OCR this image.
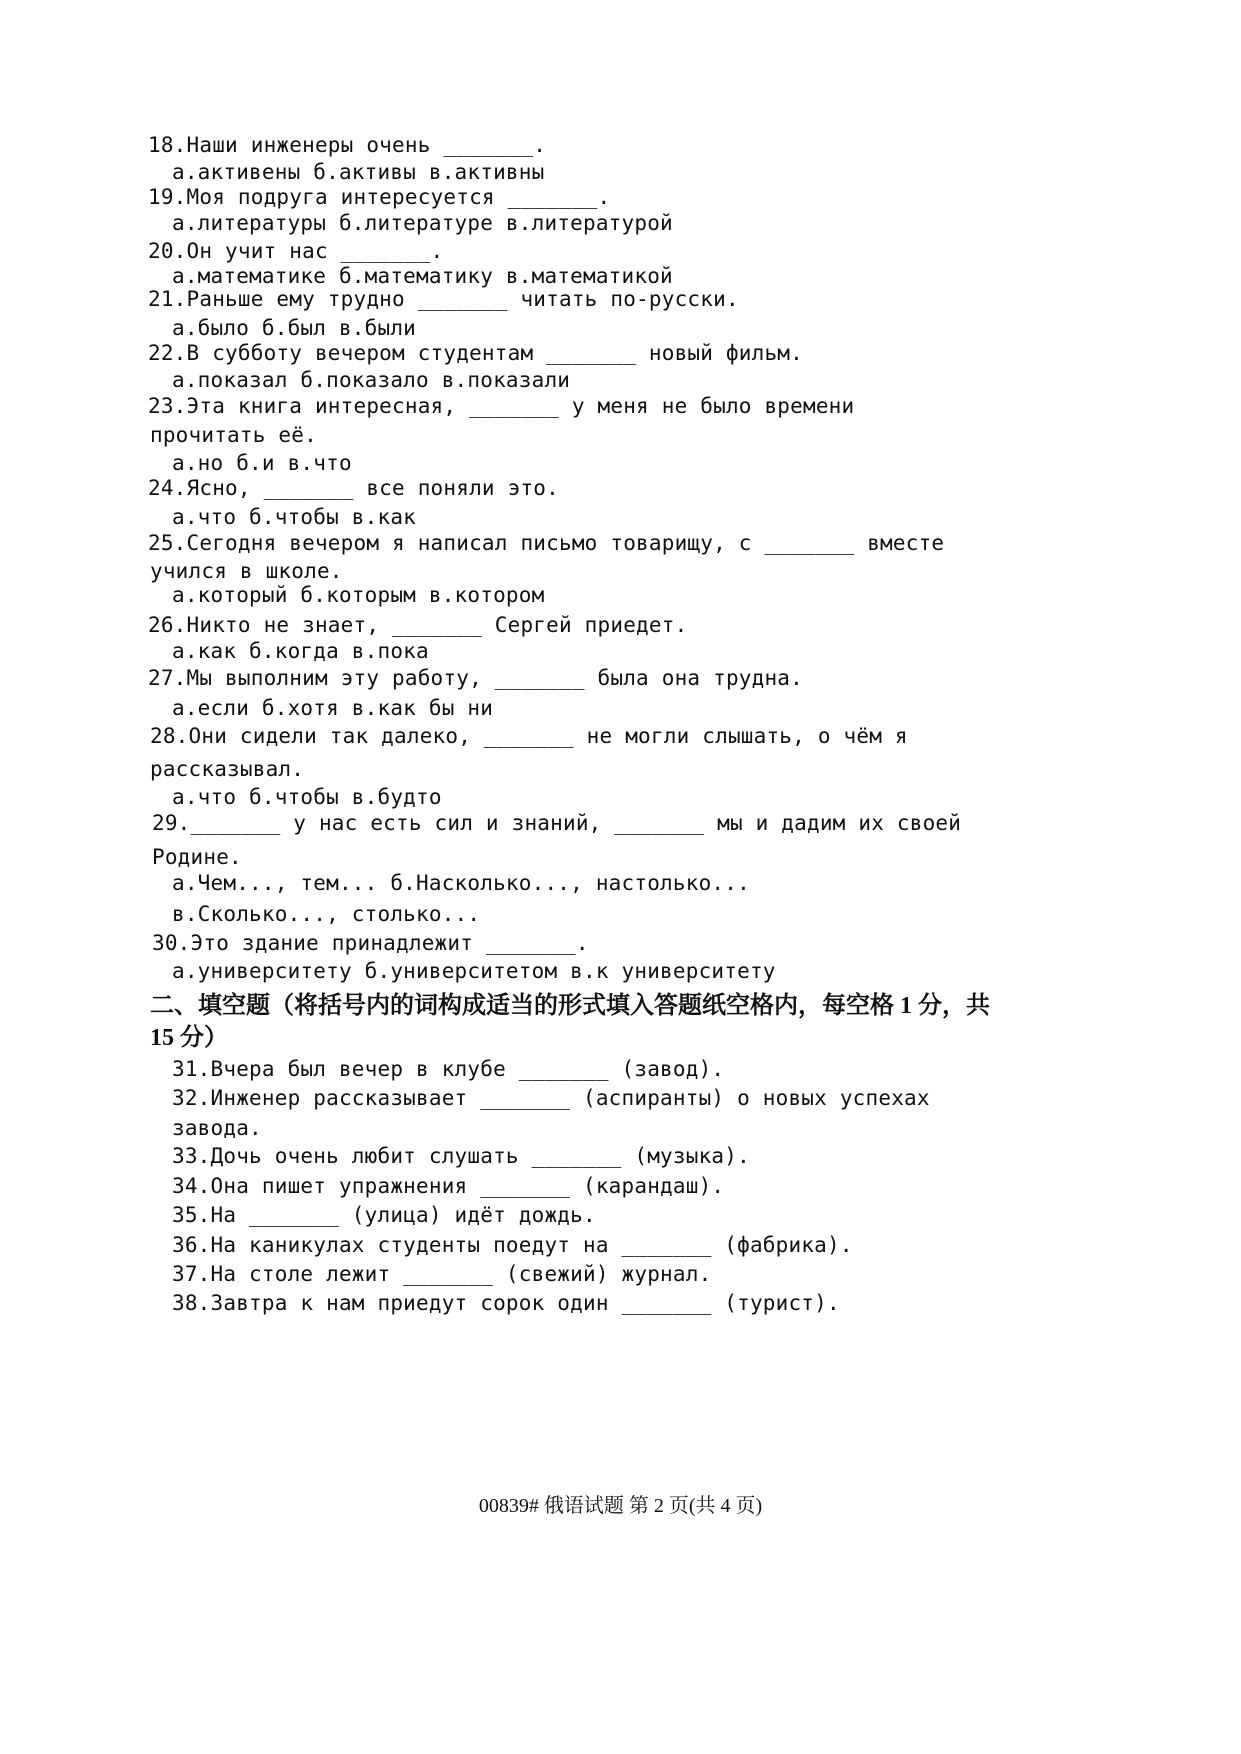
18.Наши инженеры очень _______.
а.активены б.активы в.активны
19.Моя подруга интересуется _______.
а.литературы б.литературе в.литературой
20.Он учит нас _______.
а.математике б.математику в.математикой
21.Раньше ему трудно _______ читать по-русски.
а.было б.был в.были
22.В субботу вечером студентам _______ новый фильм.
а.показал б.показало в.показали
23.Эта книга интересная, _______ у меня не было времени
прочитать её.
а.но б.и в.что
24.Ясно, _______ все поняли это.
а.что б.чтобы в.как
25.Сегодня вечером я написал письмо товарищу, с _______ вместе
учился в школе.
а.который б.которым в.котором
26.Никто не знает, _______ Сергей приедет.
а.как б.когда в.пока
27.Мы выполним эту работу, _______ была она трудна.
а.если б.хотя в.как бы ни
28.Они сидели так далеко, _______ не могли слышать, о чём я
рассказывал.
а.что б.чтобы в.будто
29._______ у нас есть сил и знаний, _______ мы и дадим их своей
Родине.
а.Чем..., тем... б.Насколько..., настолько...
в.Сколько..., столько...
30.Это здание принадлежит _______.
а.университету б.университетом в.к университету
二、填空题（将括号内的词构成适当的形式填入答题纸空格内，每空格 1 分，共
15 分）
31.Вчера был вечер в клубе _______ (завод).
32.Инженер рассказывает _______ (аспиранты) о новых успехах
завода.
33.Дочь очень любит слушать _______ (музыка).
34.Она пишет упражнения _______ (карандаш).
35.На _______ (улица) идёт дождь.
36.На каникулах студенты поедут на _______ (фабрика).
37.На столе лежит _______ (свежий) журнал.
38.Завтра к нам приедут сорок один _______ (турист).
00839# 俄语试题 第 2 页(共 4 页)
